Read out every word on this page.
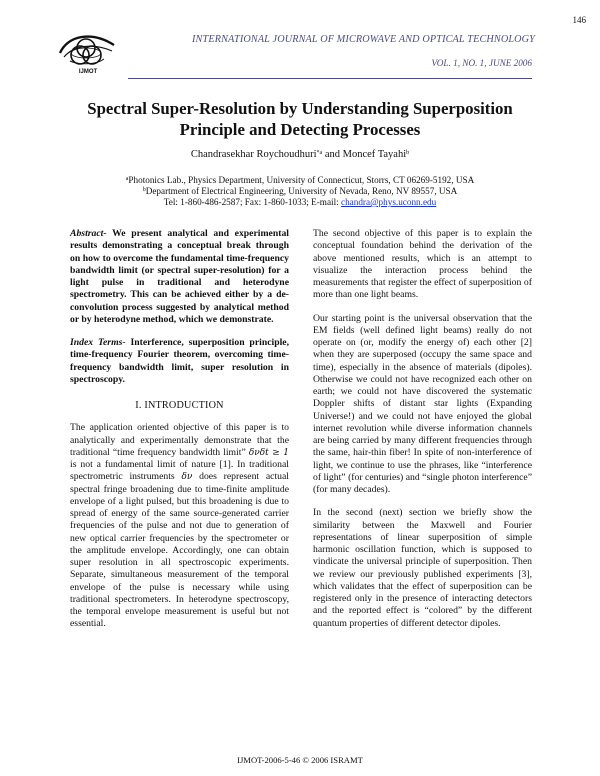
146
IJMOT
INTERNATIONAL JOURNAL OF MICROWAVE AND OPTICAL TECHNOLOGY
VOL. 1, NO. 1, JUNE 2006
Spectral Super-Resolution by Understanding Superposition
Principle and Detecting Processes
Chandrasekhar Roychoudhuri$^{*a}$ and Moncef Tayahi$^b$
$^a$Photonics Lab., Physics Department, University of Connecticut, Storrs, CT 06269-5192, USA
$^b$Department of Electrical Engineering, University of Nevada, Reno, NV 89557, USA
Tel: 1-860-486-2587; Fax: 1-860-1033; E-mail: chandra@phys.uconn.edu

Abstract- We present analytical and experimental results demonstrating a conceptual break through on how to overcome the fundamental time-frequency bandwidth limit (or spectral super-resolution) for a light pulse in traditional and heterodyne spectrometry. This can be achieved either by a de-convolution process suggested by analytical method or by heterodyne method, which we demonstrate.

Index Terms- Interference, superposition principle, time-frequency Fourier theorem, overcoming time-frequency bandwidth limit, super resolution in spectroscopy.

I. INTRODUCTION

The application oriented objective of this paper is to analytically and experimentally demonstrate that the traditional “time frequency bandwidth limit” δνδt ≥ 1 is not a fundamental limit of nature [1]. In traditional spectrometric instruments δν does represent actual spectral fringe broadening due to time-finite amplitude envelope of a light pulsed, but this broadening is due to spread of energy of the same source-generated carrier frequencies of the pulse and not due to generation of new optical carrier frequencies by the spectrometer or the amplitude envelope. Accordingly, one can obtain super resolution in all spectroscopic experiments. Separate, simultaneous measurement of the temporal envelope of the pulse is necessary while using traditional spectrometers. In heterodyne spectroscopy, the temporal envelope measurement is useful but not essential.

The second objective of this paper is to explain the conceptual foundation behind the derivation of the above mentioned results, which is an attempt to visualize the interaction process behind the measurements that register the effect of superposition of more than one light beams.

Our starting point is the universal observation that the EM fields (well defined light beams) really do not operate on (or, modify the energy of) each other [2] when they are superposed (occupy the same space and time), especially in the absence of materials (dipoles). Otherwise we could not have recognized each other on earth; we could not have discovered the systematic Doppler shifts of distant star lights (Expanding Universe!) and we could not have enjoyed the global internet revolution while diverse information channels are being carried by many different frequencies through the same, hair-thin fiber! In spite of non-interference of light, we continue to use the phrases, like “interference of light” (for centuries) and “single photon interference” (for many decades).

In the second (next) section we briefly show the similarity between the Maxwell and Fourier representations of linear superposition of simple harmonic oscillation function, which is supposed to vindicate the universal principle of superposition. Then we review our previously published experiments [3], which validates that the effect of superposition can be registered only in the presence of interacting detectors and the reported effect is “colored” by the different quantum properties of different detector dipoles.

IJMOT-2006-5-46 © 2006 ISRAMT
